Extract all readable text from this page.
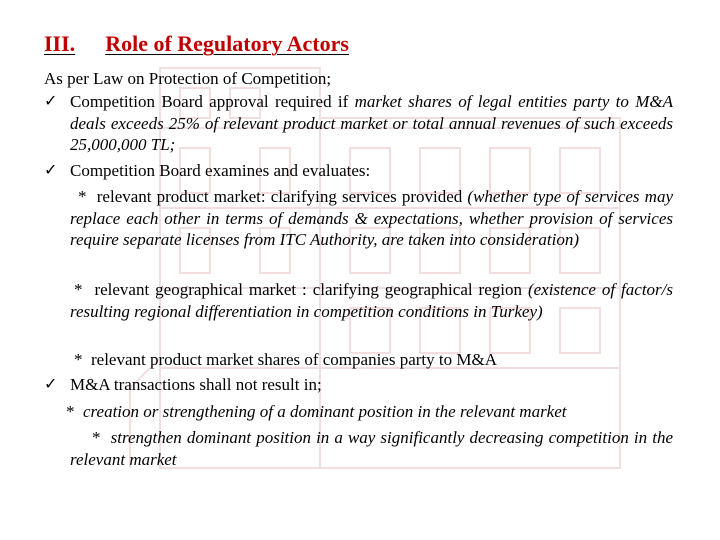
III. Role of Regulatory Actors
As per Law on Protection of Competition;
✓ Competition Board approval required if market shares of legal entities party to M&A deals exceeds 25% of relevant product market or total annual revenues of such exceeds 25,000,000 TL;
✓ Competition Board examines and evaluates:
* relevant product market: clarifying services provided (whether type of services may replace each other in terms of demands & expectations, whether provision of services require separate licenses from ITC Authority, are taken into consideration)
* relevant geographical market : clarifying geographical region (existence of factor/s resulting regional differentiation in competition conditions in Turkey)
* relevant product market shares of companies party to M&A
✓ M&A transactions shall not result in;
* creation or strengthening of a dominant position in the relevant market
* strengthen dominant position in a way significantly decreasing competition in the relevant market
